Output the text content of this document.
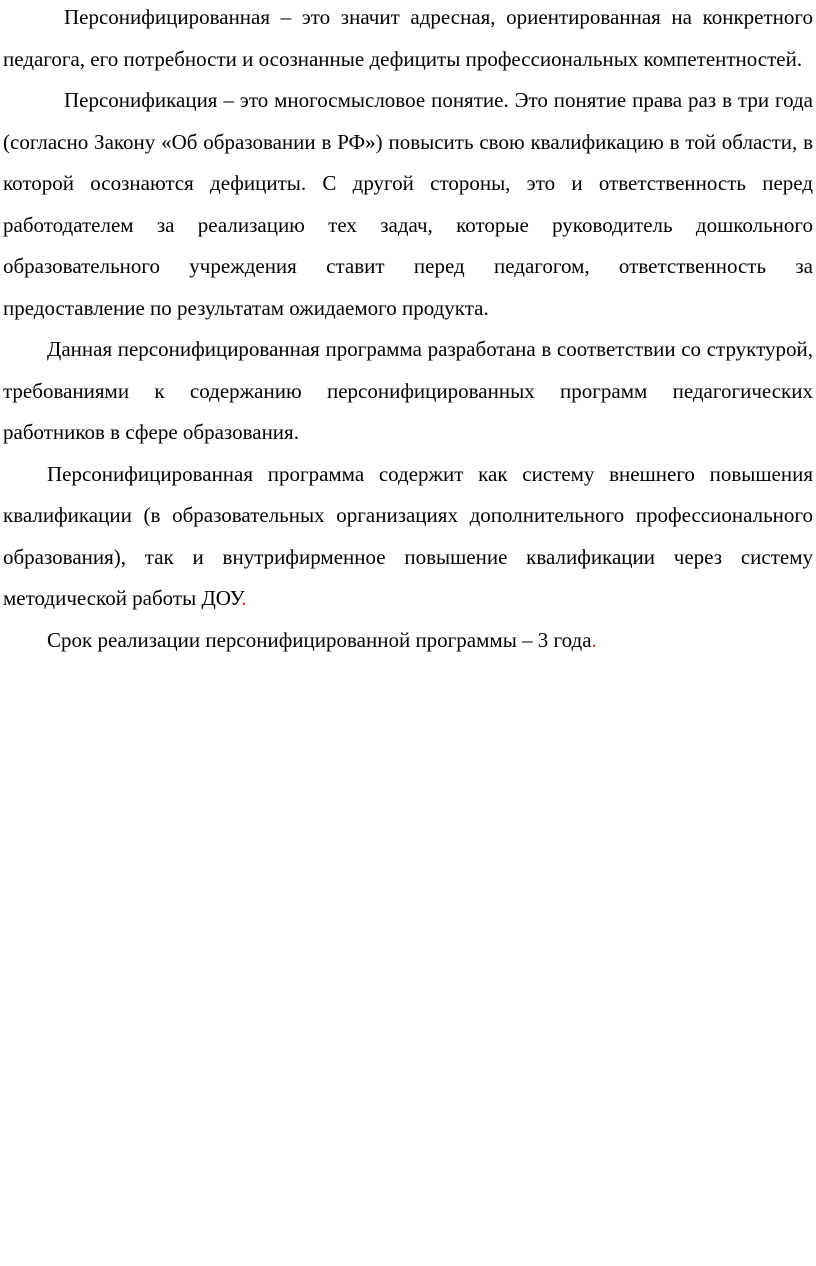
Персонифицированная – это значит адресная, ориентированная на конкретного педагога, его потребности и осознанные дефициты профессиональных компетентностей.

Персонификация – это многосмысловое понятие. Это понятие права раз в три года (согласно Закону «Об образовании в РФ») повысить свою квалификацию в той области, в которой осознаются дефициты. С другой стороны, это и ответственность перед работодателем за реализацию тех задач, которые руководитель дошкольного образовательного учреждения ставит перед педагогом, ответственность за предоставление по результатам ожидаемого продукта.

Данная персонифицированная программа разработана в соответствии со структурой, требованиями к содержанию персонифицированных программ педагогических работников в сфере образования.

Персонифицированная программа содержит как систему внешнего повышения квалификации (в образовательных организациях дополнительного профессионального образования), так и внутрифирменное повышение квалификации через систему методической работы ДОУ.

Срок реализации персонифицированной программы – 3 года.
